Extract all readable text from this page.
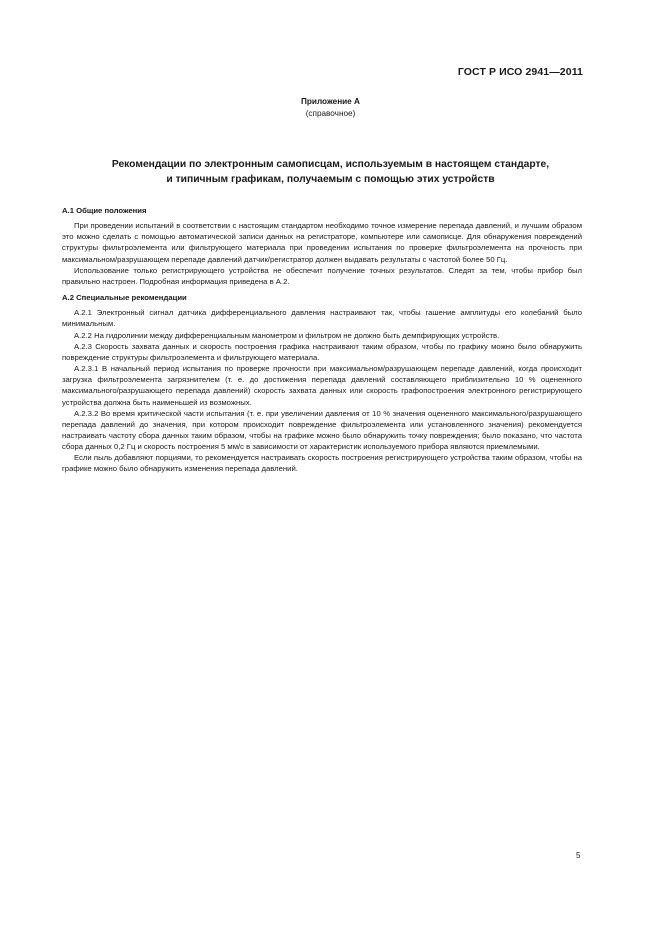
ГОСТ Р ИСО 2941—2011
Приложение А
(справочное)
Рекомендации по электронным самописцам, используемым в настоящем стандарте,
и типичным графикам, получаемым с помощью этих устройств

А.1 Общие положения

При проведении испытаний в соответствии с настоящим стандартом необходимо точное измерение перепада давлений, и лучшим образом это можно сделать с помощью автоматической записи данных на регистраторе, компьютере или самописце. Для обнаружения повреждений структуры фильтроэлемента или фильтрующего материала при проведении испытания по проверке фильтроэлемента на прочность при максимальном/разрушающем перепаде давлений датчик/регистратор должен выдавать результаты с частотой более 50 Гц.

Использование только регистрирующего устройства не обеспечит получение точных результатов. Следят за тем, чтобы прибор был правильно настроен. Подробная информация приведена в А.2.

А.2 Специальные рекомендации

А.2.1 Электронный сигнал датчика дифференциального давления настраивают так, чтобы гашение амплитуды его колебаний было минимальным.

А.2.2 На гидролинии между дифференциальным манометром и фильтром не должно быть демпфирующих устройств.

А.2.3 Скорость захвата данных и скорость построения графика настраивают таким образом, чтобы по графику можно было обнаружить повреждение структуры фильтроэлемента и фильтрующего материала.

А.2.3.1 В начальный период испытания по проверке прочности при максимальном/разрушающем перепаде давлений, когда происходит загрузка фильтроэлемента загрязнителем (т. е. до достижения перепада давлений составляющего приблизительно 10 % оцененного максимального/разрушающего перепада давлений) скорость захвата данных или скорость графопостроения электронного регистрирующего устройства должна быть наименьшей из возможных.

А.2.3.2 Во время критической части испытания (т. е. при увеличении давления от 10 % значения оцененного максимального/разрушающего перепада давлений до значения, при котором происходит повреждение фильтроэлемента или установленного значения) рекомендуется настраивать частоту сбора данных таким образом, чтобы на графике можно было обнаружить точку повреждения; было показано, что частота сбора данных 0,2 Гц и скорость построения 5 мм/с в зависимости от характеристик используемого прибора являются приемлемыми.

Если пыль добавляют порциями, то рекомендуется настраивать скорость построения регистрирующего устройства таким образом, чтобы на графике можно было обнаружить изменения перепада давлений.

5
